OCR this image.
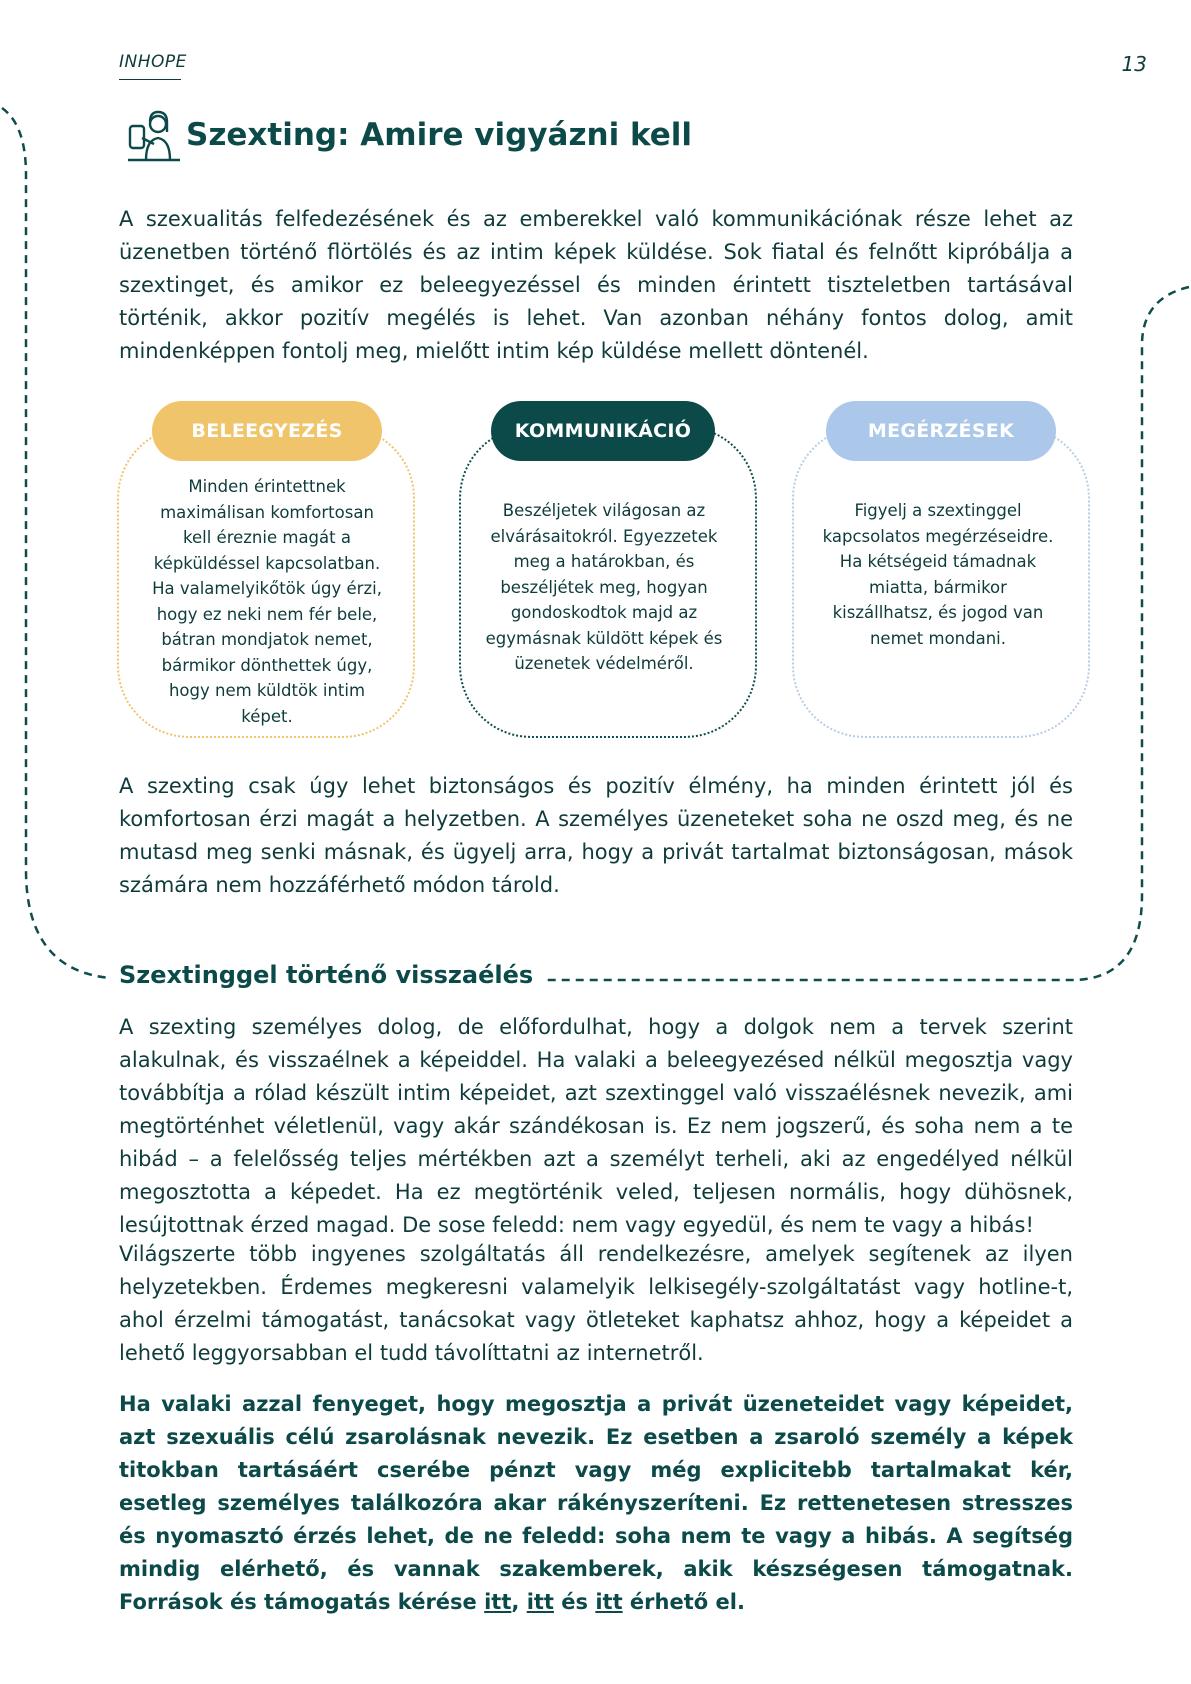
INHOPE	13
Szexting: Amire vigyázni kell

A szexualitás felfedezésének és az emberekkel való kommunikációnak része lehet az üzenetben történő flörtölés és az intim képek küldése. Sok fiatal és felnőtt kipróbálja a szextinget, és amikor ez beleegyezéssel és minden érintett tiszteletben tartásával történik, akkor pozitív megélés is lehet. Van azonban néhány fontos dolog, amit mindenképpen fontolj meg, mielőtt intim kép küldése mellett döntenél.

BELEEGYEZÉS	KOMMUNIKÁCIÓ	MEGÉRZÉSEK

Minden érintettnek maximálisan komfortosan kell éreznie magát a képküldéssel kapcsolatban. Ha valamelyikőtök úgy érzi, hogy ez neki nem fér bele, bátran mondjatok nemet, bármikor dönthettek úgy, hogy nem küldtök intim képet.

Beszéljetek világosan az elvárásaitokról. Egyezzetek meg a határokban, és beszéljétek meg, hogyan gondoskodtok majd az egymásnak küldött képek és üzenetek védelméről.

Figyelj a szextinggel kapcsolatos megérzéseidre. Ha kétségeid támadnak miatta, bármikor kiszállhatsz, és jogod van nemet mondani.

A szexting csak úgy lehet biztonságos és pozitív élmény, ha minden érintett jól és komfortosan érzi magát a helyzetben. A személyes üzeneteket soha ne oszd meg, és ne mutasd meg senki másnak, és ügyelj arra, hogy a privát tartalmat biztonságosan, mások számára nem hozzáférhető módon tárold.

Szextinggel történő visszaélés

A szexting személyes dolog, de előfordulhat, hogy a dolgok nem a tervek szerint alakulnak, és visszaélnek a képeiddel. Ha valaki a beleegyezésed nélkül megosztja vagy továbbítja a rólad készült intim képeidet, azt szextinggel való visszaélésnek nevezik, ami megtörténhet véletlenül, vagy akár szándékosan is. Ez nem jogszerű, és soha nem a te hibád – a felelősség teljes mértékben azt a személyt terheli, aki az engedélyed nélkül megosztotta a képedet. Ha ez megtörténik veled, teljesen normális, hogy dühösnek, lesújtottnak érzed magad. De sose feledd: nem vagy egyedül, és nem te vagy a hibás!

Világszerte több ingyenes szolgáltatás áll rendelkezésre, amelyek segítenek az ilyen helyzetekben. Érdemes megkeresni valamelyik lelkisegély-szolgáltatást vagy hotline-t, ahol érzelmi támogatást, tanácsokat vagy ötleteket kaphatsz ahhoz, hogy a képeidet a lehető leggyorsabban el tudd távolíttatni az internetről.

Ha valaki azzal fenyeget, hogy megosztja a privát üzeneteidet vagy képeidet, azt szexuális célú zsarolásnak nevezik. Ez esetben a zsaroló személy a képek titokban tartásáért cserébe pénzt vagy még explicitebb tartalmakat kér, esetleg személyes találkozóra akar rákényszeríteni. Ez rettenetesen stresszes és nyomasztó érzés lehet, de ne feledd: soha nem te vagy a hibás. A segítség mindig elérhető, és vannak szakemberek, akik készségesen támogatnak. Források és támogatás kérése itt, itt és itt érhető el.
